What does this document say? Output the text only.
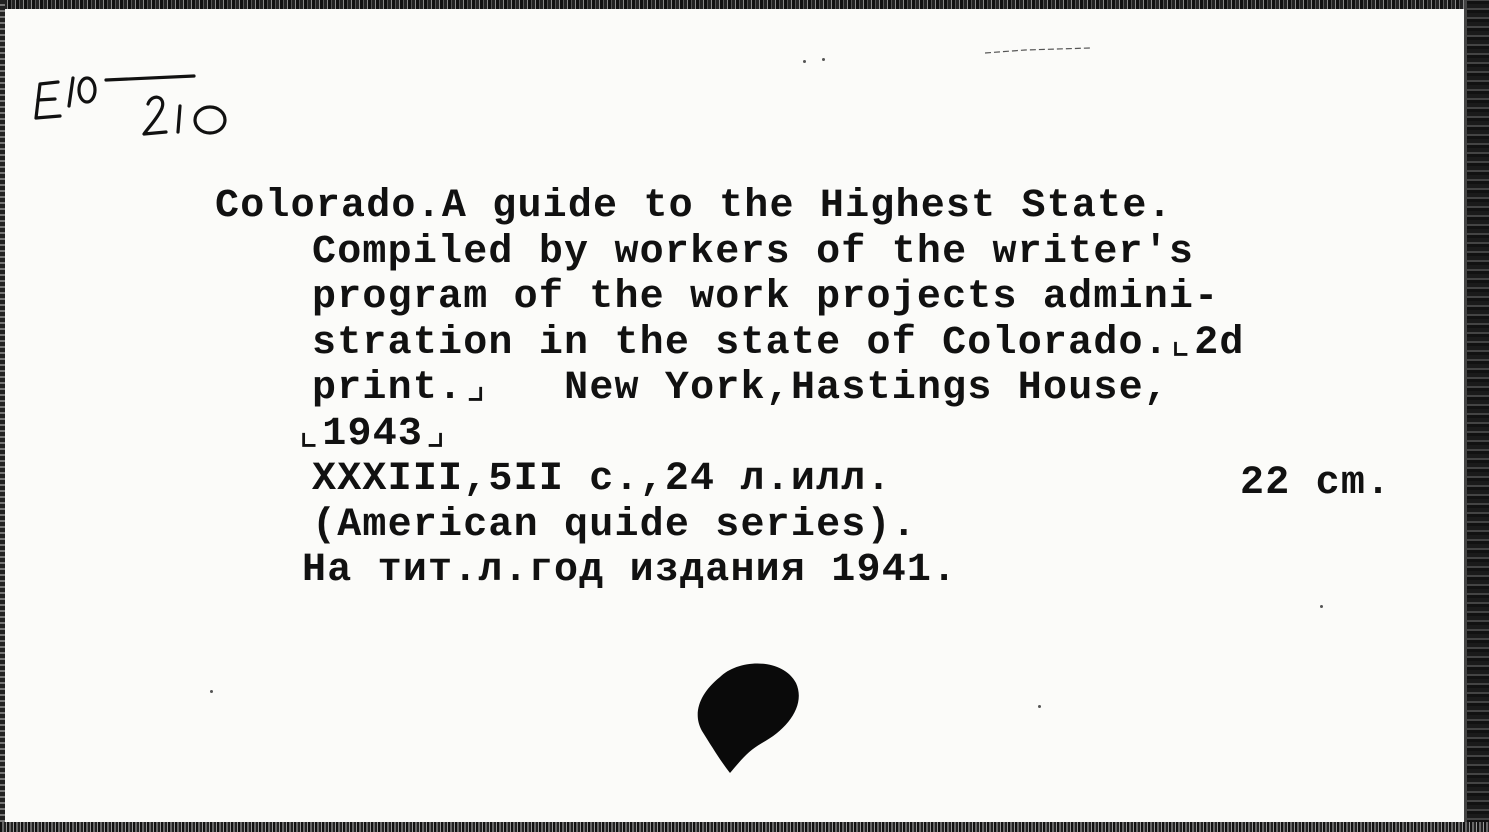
Colorado.A guide to the Highest State.
Compiled by workers of the writer's
program of the work projects admini-
stration in the state of Colorado.⌞2d
print.⌟   New York,Hastings House,
⌞1943⌟
XXXIII,5II c.,24 л.илл.
(American quide series).
На тит.л.год издания 1941.
22 cm.
